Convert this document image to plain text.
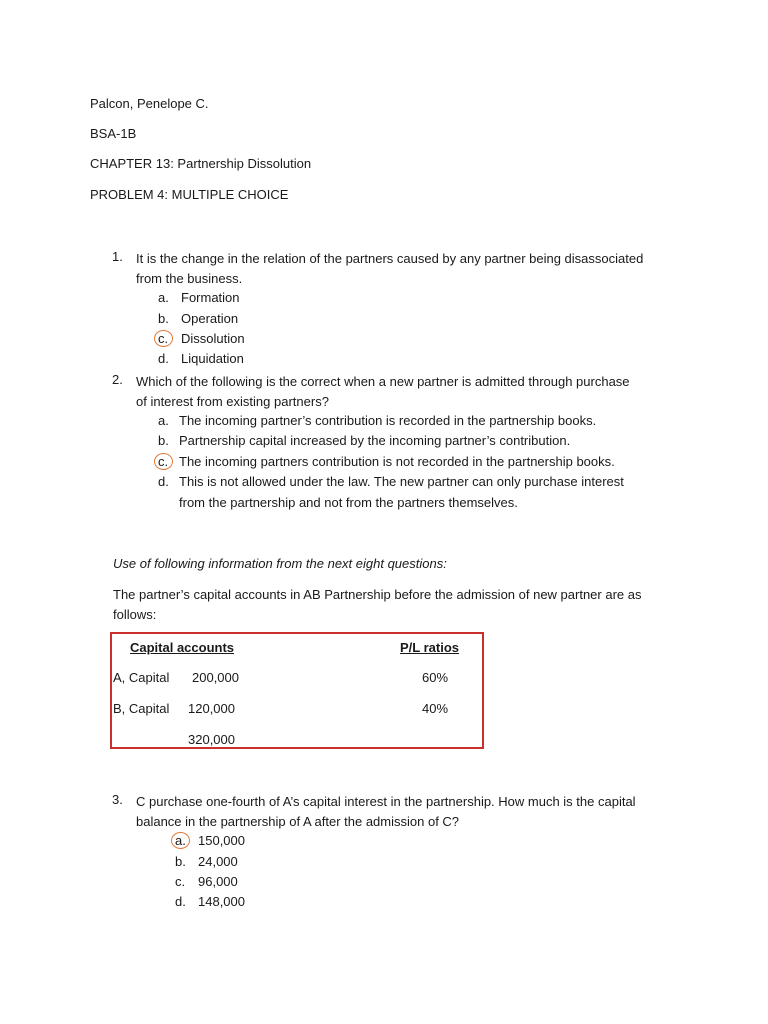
Palcon, Penelope C.
BSA-1B
CHAPTER 13: Partnership Dissolution
PROBLEM 4: MULTIPLE CHOICE
1. It is the change in the relation of the partners caused by any partner being disassociated
from the business.
a. Formation
b. Operation
c. Dissolution
d. Liquidation
2. Which of the following is the correct when a new partner is admitted through purchase
of interest from existing partners?
a. The incoming partner’s contribution is recorded in the partnership books.
b. Partnership capital increased by the incoming partner’s contribution.
c. The incoming partners contribution is not recorded in the partnership books.
d. This is not allowed under the law. The new partner can only purchase interest
from the partnership and not from the partners themselves.
Use of following information from the next eight questions:
The partner’s capital accounts in AB Partnership before the admission of new partner are as
follows:
Capital accounts	P/L ratios
A, Capital 200,000	60%
B, Capital 120,000	40%
320,000
3. C purchase one-fourth of A’s capital interest in the partnership. How much is the capital
balance in the partnership of A after the admission of C?
a. 150,000
b. 24,000
c. 96,000
d. 148,000
